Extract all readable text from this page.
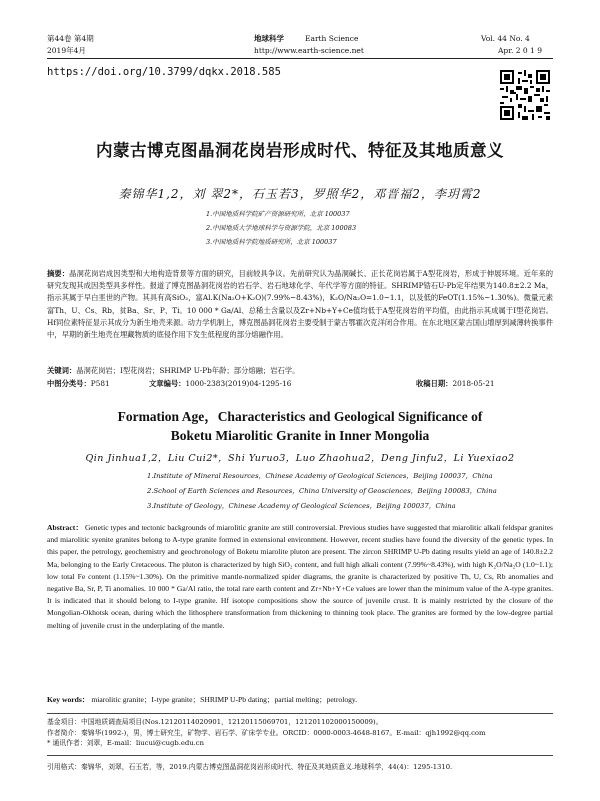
第44卷 第4期
2019年4月
地球科学	Earth Science
http://www.earth-science.net
Vol. 44 No. 4
Apr. 2 0 1 9
https://doi.org/10.3799/dqkx.2018.585
内蒙古博克图晶洞花岗岩形成时代、特征及其地质意义
秦锦华1,2，刘 翠2*，石玉若3，罗照华2，邓晋福2，李玥霄2
1.中国地质科学院矿产资源研究所，北京 100037
2.中国地质大学地球科学与资源学院，北京 100083
3.中国地质科学院地质研究所，北京 100037

摘要：晶洞花岗岩成因类型和大地构造背景等方面的研究，目前较具争议。先前研究认为晶洞碱长、正长花岗岩属于A型花岗岩，形成于伸展环境。近年来的研究发现其成因类型具多样性。报道了博克图晶洞花岗岩的岩石学、岩石地球化学、年代学等方面的特征。SHRIMP锆石U-Pb定年结果为140.8±2.2 Ma，指示其属于早白垩世的产物。其具有高SiO₂，富Al.K(Na₂O+K₂O)(7.99%~8.43%)，K₂O/Na₂O=1.0~1.1，以及低的FeOT(1.15%~1.30%)。微量元素富Th、U、Cs、Rb，贫Ba、Sr、P、Ti。10 000 * Ga/Al、总稀土含量以及Zr+Nb+Y+Ce值均低于A型花岗岩的平均值，由此指示其成属于I型花岗岩。Hf同位素特征显示其成分为新生地壳来源。动力学机制上，博克图晶洞花岗岩主要受制于蒙古鄂霍次克洋闭合作用。在东北地区蒙古国山增厚到减薄转换事件中，早期的新生地壳在埋藏物质的底侵作用下发生低程度的部分熔融作用。

关键词：晶洞花岗岩；I型花岗岩；SHRIMP U-Pb年龄；部分熔融；岩石学。
中图分类号：P581	文章编号：1000-2383(2019)04-1295-16	收稿日期：2018-05-21
Formation Age，Characteristics and Geological Significance of
Boketu Miarolitic Granite in Inner Mongolia
Qin Jinhua1,2，Liu Cui2*，Shi Yuruo3，Luo Zhaohua2，Deng Jinfu2，Li Yuexiao2
1.Institute of Mineral Resources，Chinese Academy of Geological Sciences，Beijing 100037，China
2.School of Earth Sciences and Resources，China University of Geosciences，Beijing 100083，China
3.Institute of Geology，Chinese Academy of Geological Sciences，Beijing 100037，China

Abstract： Genetic types and tectonic backgrounds of miarolitic granite are still controversial. Previous studies have suggested that miarolitic alkali feldspar granites and miarolitic syenite granites belong to A-type granite formed in extensional environment. However, recent studies have found the diversity of the genetic types. In this paper, the petrology, geochemistry and geochronology of Boketu miarolite pluton are present. The zircon SHRIMP U-Pb dating results yield an age of 140.8±2.2 Ma, belonging to the Early Cretaceous. The pluton is characterized by high SiO₂ content, and full high alkali content (7.99%~8.43%), with high K₂O/Na₂O (1.0~1.1); low total Fe content (1.15%~1.30%). On the primitive mantle-normalized spider diagrams, the granite is characterized by positive Th, U, Cs, Rb anomalies and negative Ba, Sr, P, Ti anomalies. 10 000 * Ga/Al ratio, the total rare earth content and Zr+Nb+Y+Ce values are lower than the minimum value of the A-type granites. It is indicated that it should belong to I-type granite. Hf isotope compositions show the source of juvenile crust. It is mainly restricted by the closure of the Mongolian-Okhotsk ocean, during which the lithosphere transformation from thickening to thinning took place. The granites are formed by the low-degree partial melting of juvenile crust in the underplating of the mantle.

Key words： miarolitic granite；I-type granite；SHRIMP U-Pb dating；partial melting；petrology.
基金项目：中国地质调查局项目(Nos.12120114020901，12120115069701，121201102000150009)。
作者简介：秦锦华(1992-)，男，博士研究生，矿物学、岩石学、矿床学专业。ORCID：0000-0003-4648-8167。E-mail：qjh1992@qq.com
* 通讯作者：刘翠，E-mail：liucui@cugb.edu.cn
引用格式：秦锦华，刘翠，石玉若，等，2019.内蒙古博克图晶洞花岗岩形成时代、特征及其地质意义.地球科学，44(4)：1295-1310.
